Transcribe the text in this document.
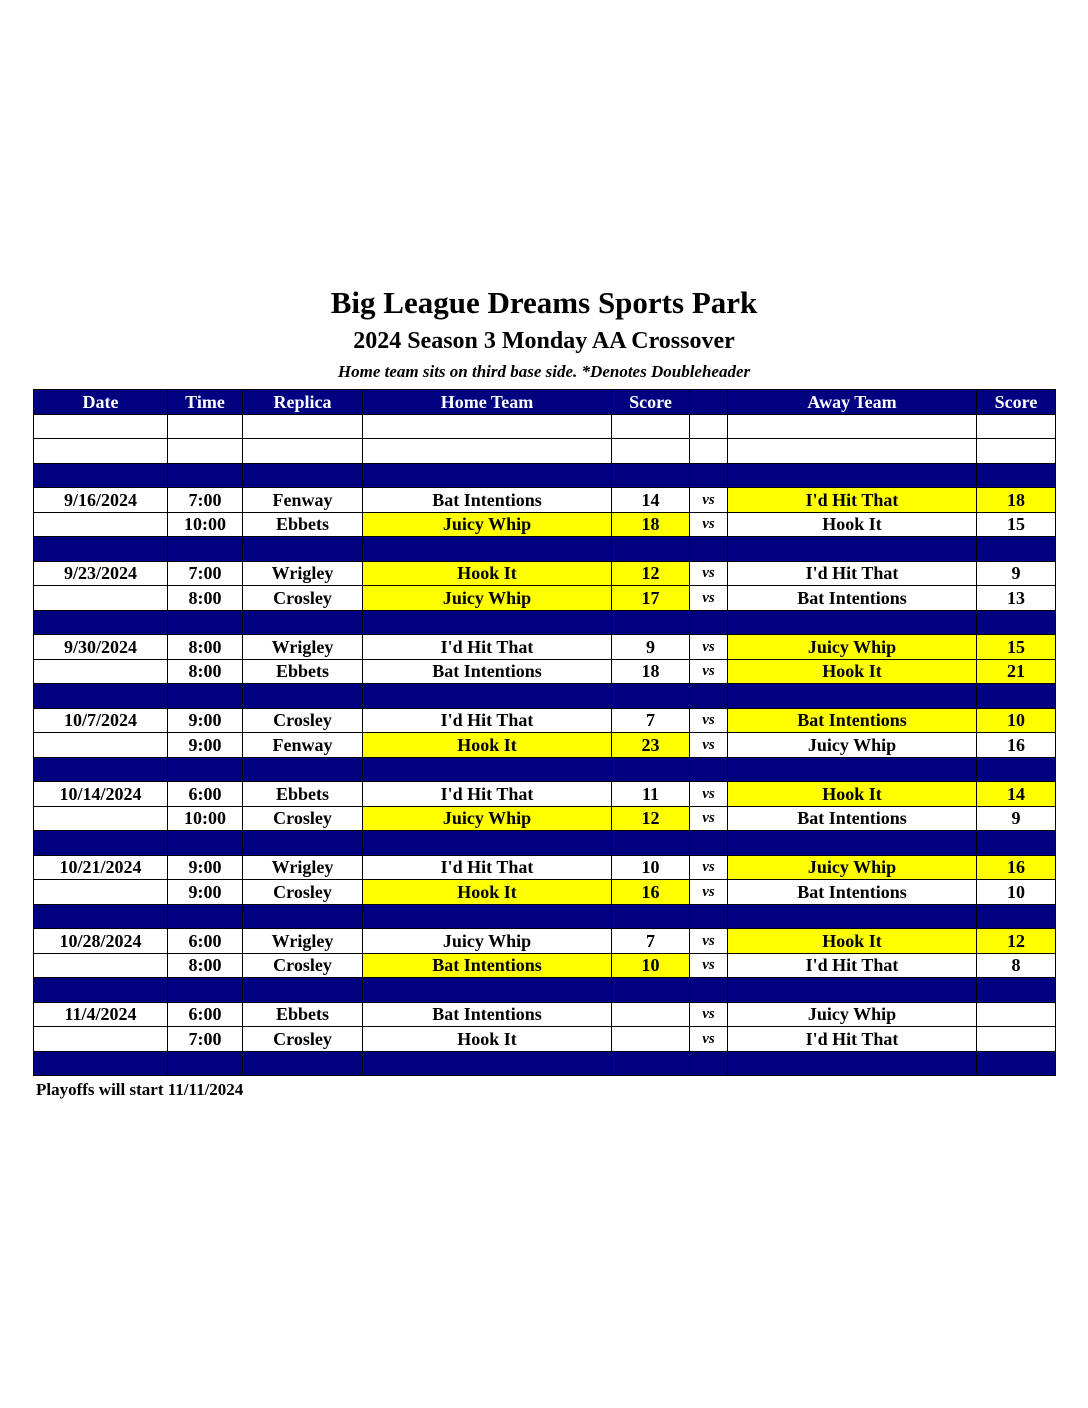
Big League Dreams Sports Park
2024 Season 3 Monday AA Crossover
Home team sits on third base side. *Denotes Doubleheader
Date	Time	Replica	Home Team	Score		Away Team	Score

9/16/2024	7:00	Fenway	Bat Intentions	14	vs	I'd Hit That	18
	10:00	Ebbets	Juicy Whip	18	vs	Hook It	15

9/23/2024	7:00	Wrigley	Hook It	12	vs	I'd Hit That	9
	8:00	Crosley	Juicy Whip	17	vs	Bat Intentions	13

9/30/2024	8:00	Wrigley	I'd Hit That	9	vs	Juicy Whip	15
	8:00	Ebbets	Bat Intentions	18	vs	Hook It	21

10/7/2024	9:00	Crosley	I'd Hit That	7	vs	Bat Intentions	10
	9:00	Fenway	Hook It	23	vs	Juicy Whip	16

10/14/2024	6:00	Ebbets	I'd Hit That	11	vs	Hook It	14
	10:00	Crosley	Juicy Whip	12	vs	Bat Intentions	9

10/21/2024	9:00	Wrigley	I'd Hit That	10	vs	Juicy Whip	16
	9:00	Crosley	Hook It	16	vs	Bat Intentions	10

10/28/2024	6:00	Wrigley	Juicy Whip	7	vs	Hook It	12
	8:00	Crosley	Bat Intentions	10	vs	I'd Hit That	8

11/4/2024	6:00	Ebbets	Bat Intentions		vs	Juicy Whip	
	7:00	Crosley	Hook It		vs	I'd Hit That	

Playoffs will start 11/11/2024
